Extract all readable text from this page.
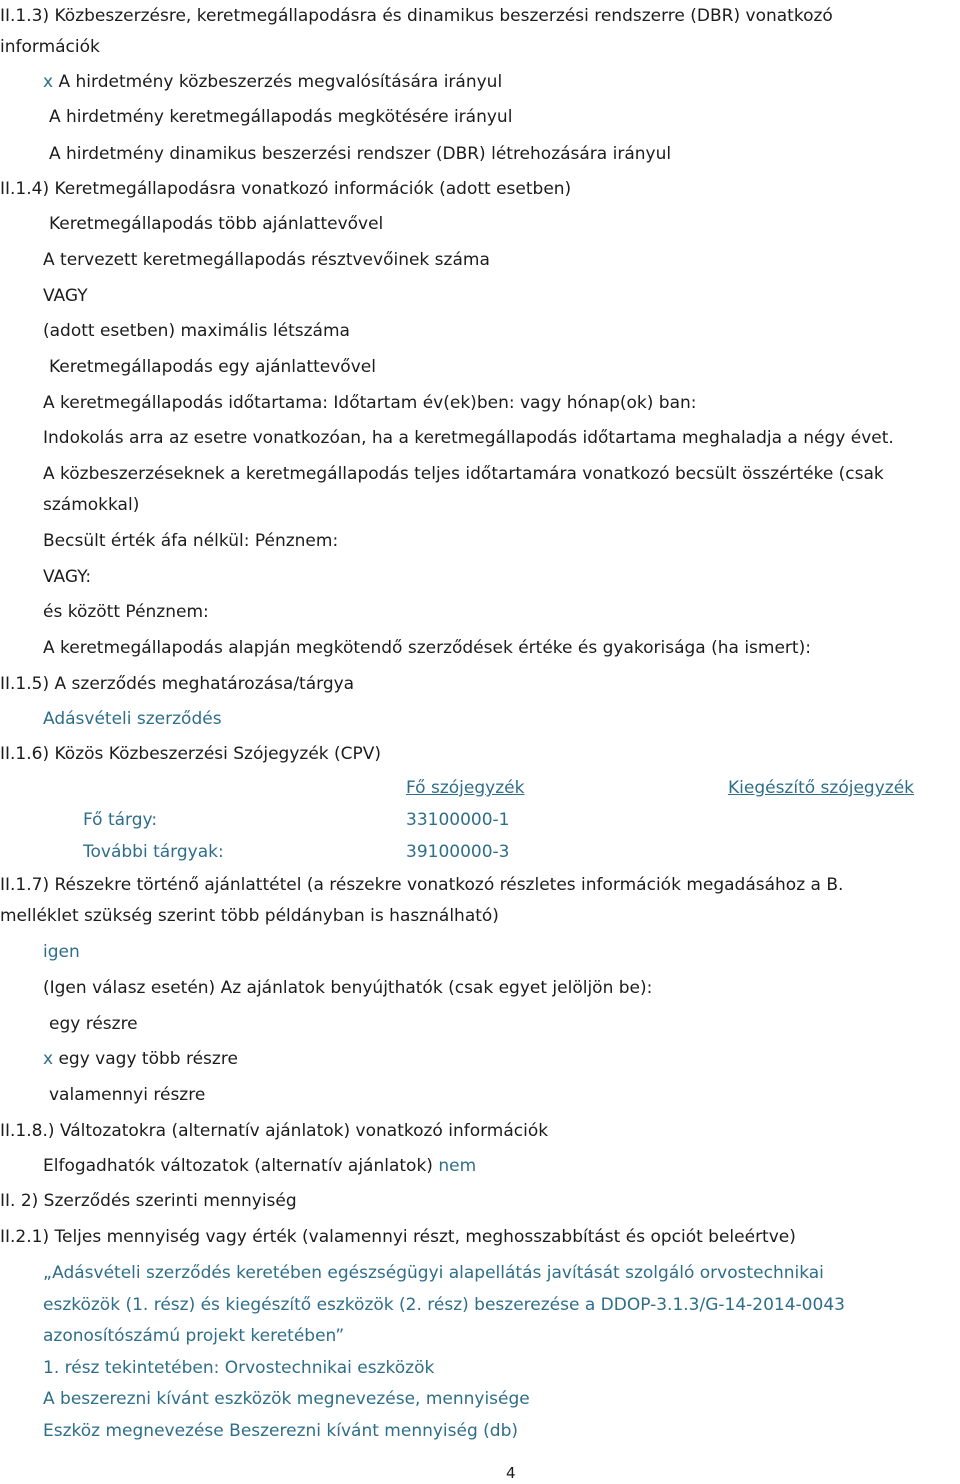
II.1.3) Közbeszerzésre, keretmegállapodásra és dinamikus beszerzési rendszerre (DBR) vonatkozó
információk
x A hirdetmény közbeszerzés megvalósítására irányul
A hirdetmény keretmegállapodás megkötésére irányul
A hirdetmény dinamikus beszerzési rendszer (DBR) létrehozására irányul
II.1.4) Keretmegállapodásra vonatkozó információk (adott esetben)
Keretmegállapodás több ajánlattevővel
A tervezett keretmegállapodás résztvevőinek száma
VAGY
(adott esetben) maximális létszáma
Keretmegállapodás egy ajánlattevővel
A keretmegállapodás időtartama: Időtartam év(ek)ben: vagy hónap(ok) ban:
Indokolás arra az esetre vonatkozóan, ha a keretmegállapodás időtartama meghaladja a négy évet.
A közbeszerzéseknek a keretmegállapodás teljes időtartamára vonatkozó becsült összértéke (csak
számokkal)
Becsült érték áfa nélkül: Pénznem:
VAGY:
és között Pénznem:
A keretmegállapodás alapján megkötendő szerződések értéke és gyakorisága (ha ismert):
II.1.5) A szerződés meghatározása/tárgya
Adásvételi szerződés
II.1.6) Közös Közbeszerzési Szójegyzék (CPV)
Fő szójegyzék	Kiegészítő szójegyzék
Fő tárgy:	33100000-1
További tárgyak:	39100000-3
II.1.7) Részekre történő ajánlattétel (a részekre vonatkozó részletes információk megadásához a B.
melléklet szükség szerint több példányban is használható)
igen
(Igen válasz esetén) Az ajánlatok benyújthatók (csak egyet jelöljön be):
egy részre
x egy vagy több részre
valamennyi részre
II.1.8.) Változatokra (alternatív ajánlatok) vonatkozó információk
Elfogadhatók változatok (alternatív ajánlatok) nem
II. 2) Szerződés szerinti mennyiség
II.2.1) Teljes mennyiség vagy érték (valamennyi részt, meghosszabbítást és opciót beleértve)
„Adásvételi szerződés keretében egészségügyi alapellátás javítását szolgáló orvostechnikai
eszközök (1. rész) és kiegészítő eszközök (2. rész) beszerezése a DDOP-3.1.3/G-14-2014-0043
azonosítószámú projekt keretében”
1. rész tekintetében: Orvostechnikai eszközök
A beszerezni kívánt eszközök megnevezése, mennyisége
Eszköz megnevezése Beszerezni kívánt mennyiség (db)
4
